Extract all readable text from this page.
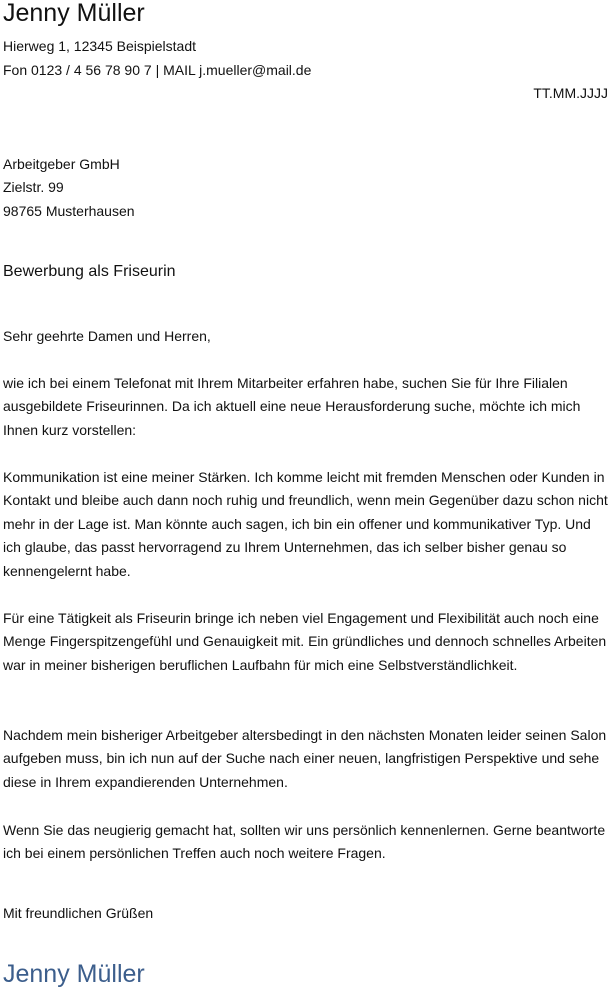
Jenny Müller
Hierweg 1, 12345 Beispielstadt
Fon 0123 / 4 56 78 90 7 | MAIL j.mueller@mail.de
TT.MM.JJJJ
Arbeitgeber GmbH
Zielstr. 99
98765 Musterhausen
Bewerbung als Friseurin

Sehr geehrte Damen und Herren,

wie ich bei einem Telefonat mit Ihrem Mitarbeiter erfahren habe, suchen Sie für Ihre Filialen ausgebildete Friseurinnen. Da ich aktuell eine neue Herausforderung suche, möchte ich mich Ihnen kurz vorstellen:

Kommunikation ist eine meiner Stärken. Ich komme leicht mit fremden Menschen oder Kunden in Kontakt und bleibe auch dann noch ruhig und freundlich, wenn mein Gegenüber dazu schon nicht mehr in der Lage ist. Man könnte auch sagen, ich bin ein offener und kommunikativer Typ. Und ich glaube, das passt hervorragend zu Ihrem Unternehmen, das ich selber bisher genau so kennengelernt habe.

Für eine Tätigkeit als Friseurin bringe ich neben viel Engagement und Flexibilität auch noch eine Menge Fingerspitzengefühl und Genauigkeit mit. Ein gründliches und dennoch schnelles Arbeiten war in meiner bisherigen beruflichen Laufbahn für mich eine Selbstverständlichkeit.

Nachdem mein bisheriger Arbeitgeber altersbedingt in den nächsten Monaten leider seinen Salon aufgeben muss, bin ich nun auf der Suche nach einer neuen, langfristigen Perspektive und sehe diese in Ihrem expandierenden Unternehmen.

Wenn Sie das neugierig gemacht hat, sollten wir uns persönlich kennenlernen. Gerne beantworte ich bei einem persönlichen Treffen auch noch weitere Fragen.

Mit freundlichen Grüßen

Jenny Müller
